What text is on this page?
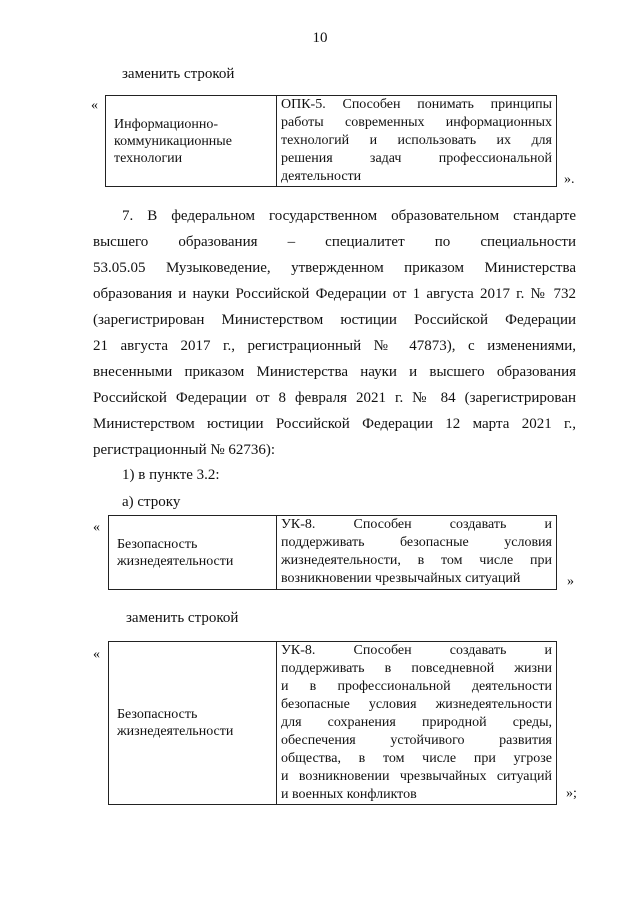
10
заменить строкой
«
Информационно-
коммуникационные
технологии

ОПК-5. Способен понимать принципы
работы современных информационных
технологий и использовать их для
решения задач профессиональной
деятельности	».
7. В федеральном государственном образовательном стандарте
высшего образования – специалитет по специальности
53.05.05 Музыковедение, утвержденном приказом Министерства
образования и науки Российской Федерации от 1 августа 2017 г. № 732
(зарегистрирован Министерством юстиции Российской Федерации
21 августа 2017 г., регистрационный № 47873), с изменениями,
внесенными приказом Министерства науки и высшего образования
Российской Федерации от 8 февраля 2021 г. № 84 (зарегистрирован
Министерством юстиции Российской Федерации 12 марта 2021 г.,
регистрационный № 62736):
1) в пункте 3.2:
а) строку
«
Безопасность
жизнедеятельности

УК-8. Способен создавать и
поддерживать безопасные условия
жизнедеятельности, в том числе при
возникновении чрезвычайных ситуаций	»
заменить строкой
«
Безопасность
жизнедеятельности

УК-8. Способен создавать и
поддерживать в повседневной жизни
и в профессиональной деятельности
безопасные условия жизнедеятельности
для сохранения природной среды,
обеспечения устойчивого развития
общества, в том числе при угрозе
и возникновении чрезвычайных ситуаций
и военных конфликтов	»;
